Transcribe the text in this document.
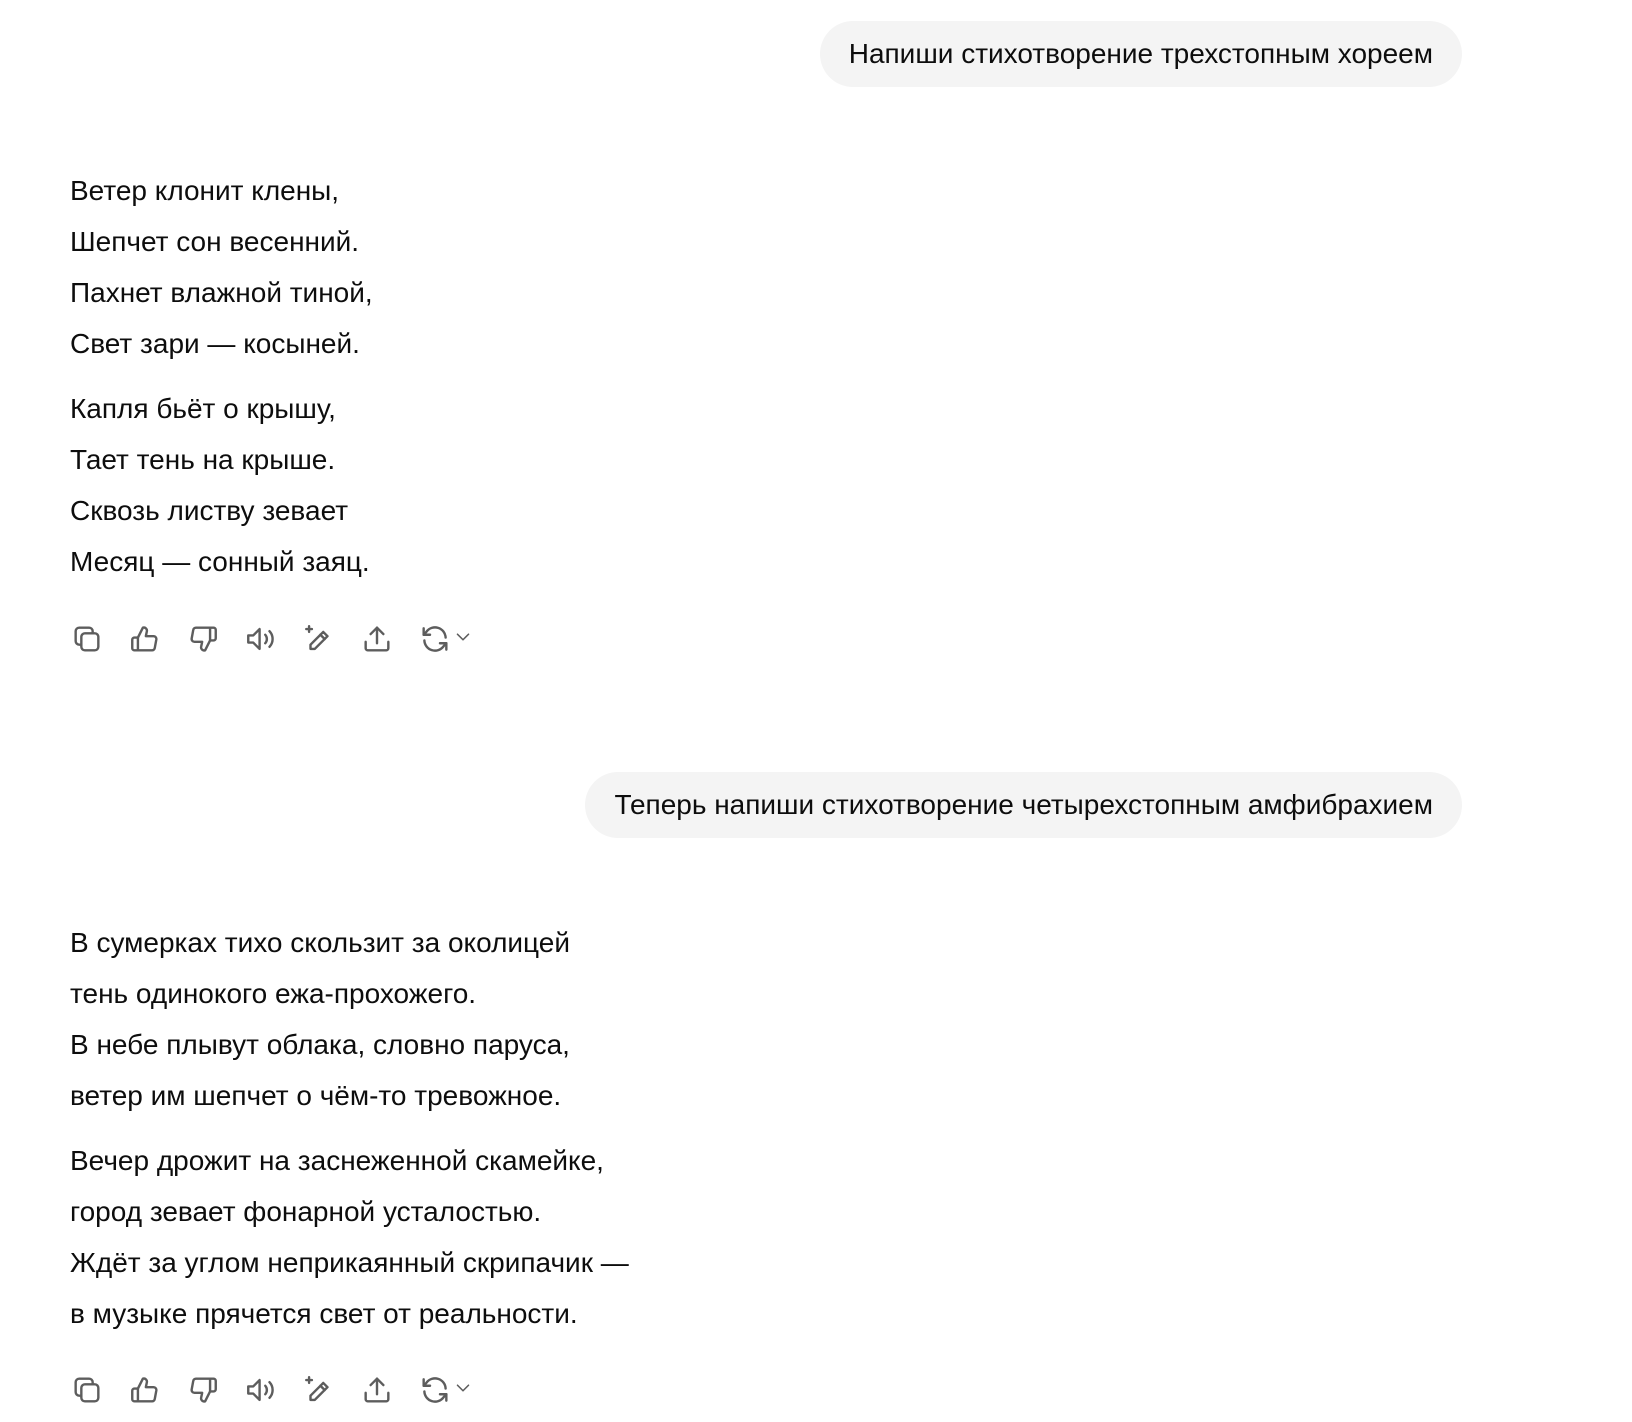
Напиши стихотворение трехстопным хореем
Ветер клонит клены,
Шепчет сон весенний.
Пахнет влажной тиной,
Свет зари — косыней.
Капля бьёт о крышу,
Тает тень на крыше.
Сквозь листву зевает
Месяц — сонный заяц.
Теперь напиши стихотворение четырехстопным амфибрахием
В сумерках тихо скользит за околицей
тень одинокого ежа-прохожего.
В небе плывут облака, словно паруса,
ветер им шепчет о чём-то тревожное.
Вечер дрожит на заснеженной скамейке,
город зевает фонарной усталостью.
Ждёт за углом неприкаянный скрипачик —
в музыке прячется свет от реальности.
